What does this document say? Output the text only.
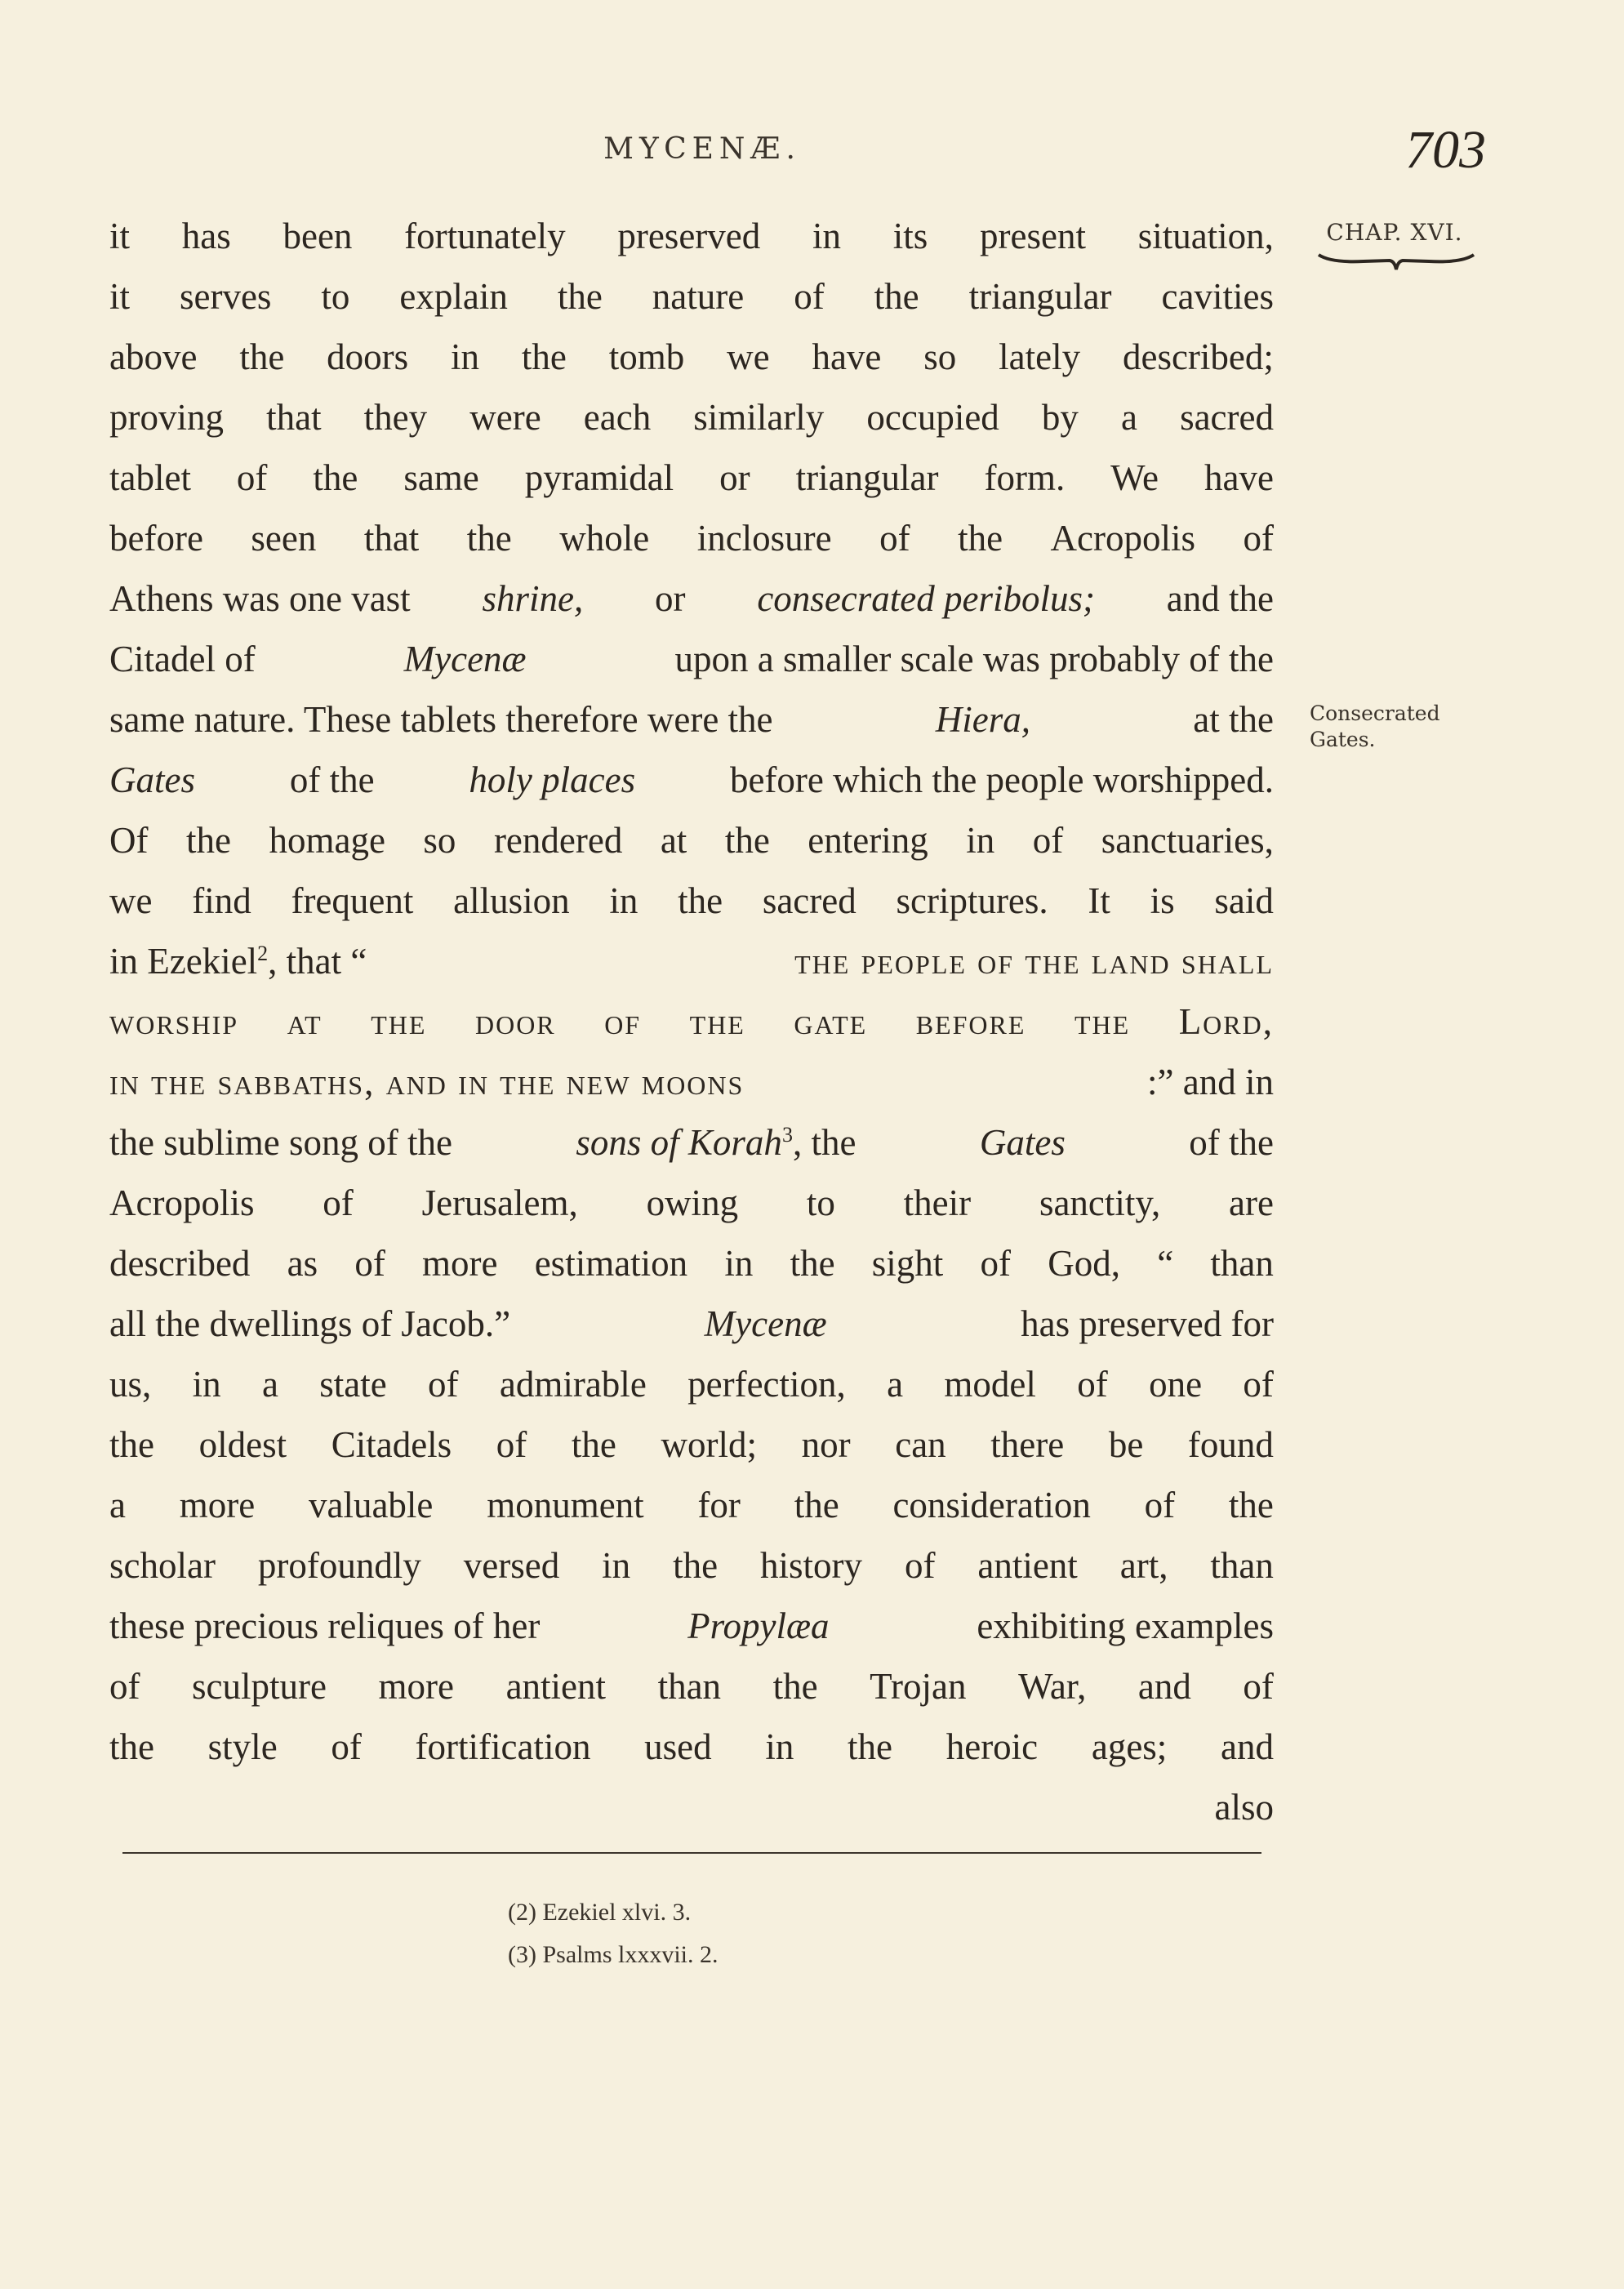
MYCENÆ.	703
CHAP. XVI.
Consecrated
Gates.
it has been fortunately preserved in its present situation,
it serves to explain the nature of the triangular cavities
above the doors in the tomb we have so lately described;
proving that they were each similarly occupied by a sacred
tablet of the same pyramidal or triangular form. We have
before seen that the whole inclosure of the Acropolis of
Athens was one vast shrine, or consecrated peribolus; and the
Citadel of	Mycenæ	upon a smaller scale was probably of the
same nature. These tablets therefore were the	Hiera,	at the
Gates	of the	holy places	before which the people worshipped.
Of the homage so rendered at the entering in of sanctuaries,
we find frequent allusion in the sacred scriptures. It is said
in Ezekiel2, that “	the people of the land shall
worship at the door of the gate before the Lord,
in the sabbaths, and in the new moons	:” and in
the sublime song of the	sons of Korah3, the	Gates	of the
Acropolis of Jerusalem, owing to their sanctity, are
described as of more estimation in the sight of God, “ than
all the dwellings of Jacob.”	Mycenæ	has preserved for
us, in a state of admirable perfection, a model of one of
the oldest Citadels of the world; nor can there be found
a more valuable monument for the consideration of the
scholar profoundly versed in the history of antient art, than
these precious reliques of her	Propylæa	exhibiting examples
of sculpture more antient than the Trojan War, and of
the style of fortification used in the heroic ages; and
also
(2) Ezekiel xlvi. 3.
(3) Psalms lxxxvii. 2.
